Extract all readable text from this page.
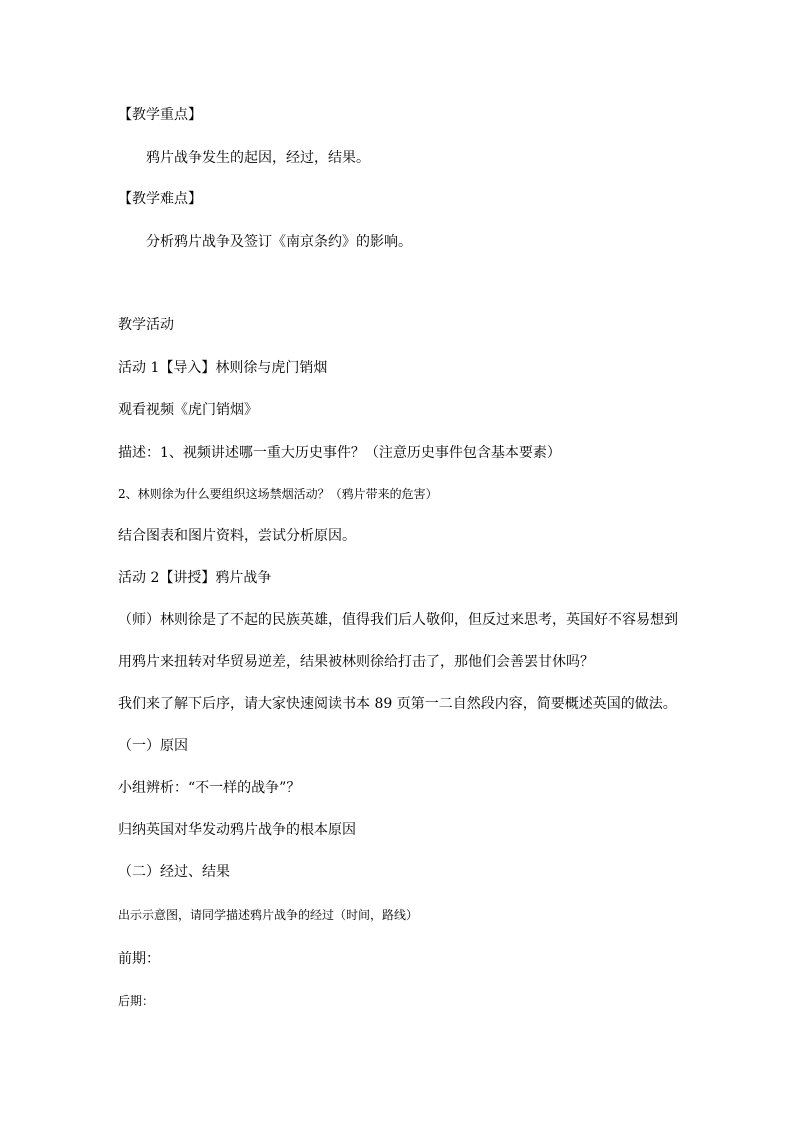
【教学重点】
鸦片战争发生的起因，经过，结果。
【教学难点】
分析鸦片战争及签订《南京条约》的影响。
教学活动
活动 1【导入】林则徐与虎门销烟
观看视频《虎门销烟》
描述：1、视频讲述哪一重大历史事件？（注意历史事件包含基本要素）
2、林则徐为什么要组织这场禁烟活动？（鸦片带来的危害）
结合图表和图片资料，尝试分析原因。
活动 2【讲授】鸦片战争
（师）林则徐是了不起的民族英雄，值得我们后人敬仰，但反过来思考，英国好不容易想到
用鸦片来扭转对华贸易逆差，结果被林则徐给打击了，那他们会善罢甘休吗？
我们来了解下后序，请大家快速阅读书本 89 页第一二自然段内容，简要概述英国的做法。
（一）原因
小组辨析：“不一样的战争”？
归纳英国对华发动鸦片战争的根本原因
（二）经过、结果
出示示意图，请同学描述鸦片战争的经过（时间，路线）
前期：
后期：
